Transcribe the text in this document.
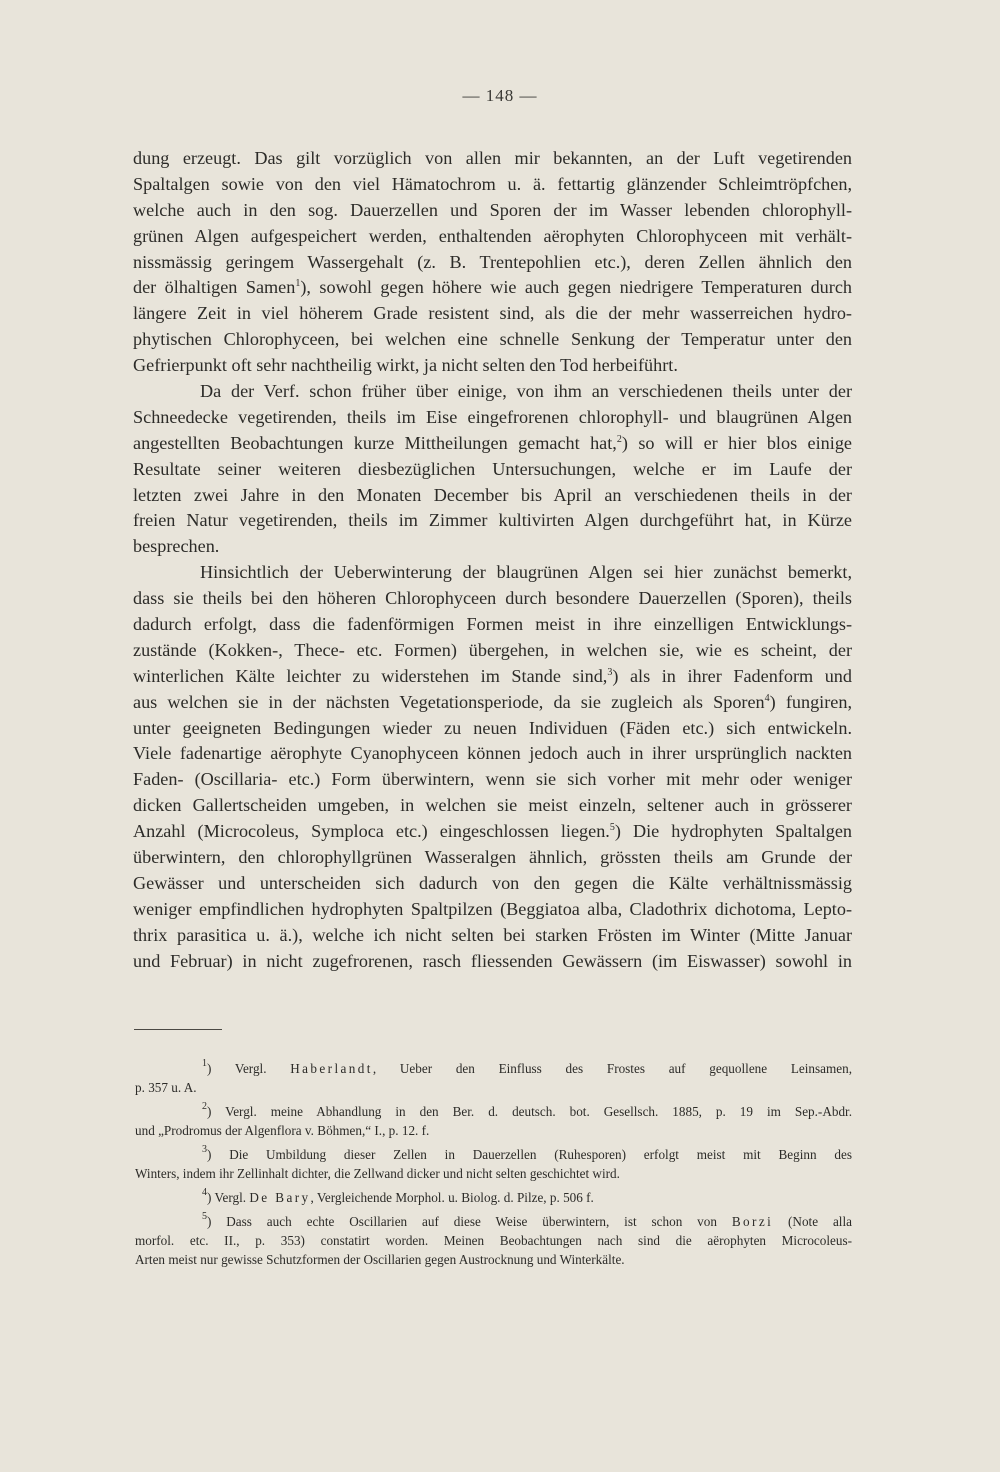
— 148 —
dung erzeugt. Das gilt vorzüglich von allen mir bekannten, an der Luft vegetirenden
Spaltalgen sowie von den viel Hämatochrom u. ä. fettartig glänzender Schleimtröpfchen,
welche auch in den sog. Dauerzellen und Sporen der im Wasser lebenden chlorophyll-
grünen Algen aufgespeichert werden, enthaltenden aërophyten Chlorophyceen mit verhält-
nissmässig geringem Wassergehalt (z. B. Trentepohlien etc.), deren Zellen ähnlich den
der ölhaltigen Samen$^1$), sowohl gegen höhere wie auch gegen niedrigere Temperaturen durch
längere Zeit in viel höherem Grade resistent sind, als die der mehr wasserreichen hydro-
phytischen Chlorophyceen, bei welchen eine schnelle Senkung der Temperatur unter den
Gefrierpunkt oft sehr nachtheilig wirkt, ja nicht selten den Tod herbeiführt.
Da der Verf. schon früher über einige, von ihm an verschiedenen theils unter der
Schneedecke vegetirenden, theils im Eise eingefrorenen chlorophyll- und blaugrünen Algen
angestellten Beobachtungen kurze Mittheilungen gemacht hat,$^2$) so will er hier blos einige
Resultate seiner weiteren diesbezüglichen Untersuchungen, welche er im Laufe der
letzten zwei Jahre in den Monaten December bis April an verschiedenen theils in der
freien Natur vegetirenden, theils im Zimmer kultivirten Algen durchgeführt hat, in Kürze
besprechen.
Hinsichtlich der Ueberwinterung der blaugrünen Algen sei hier zunächst bemerkt,
dass sie theils bei den höheren Chlorophyceen durch besondere Dauerzellen (Sporen), theils
dadurch erfolgt, dass die fadenförmigen Formen meist in ihre einzelligen Entwicklungs-
zustände (Kokken-, Thece- etc. Formen) übergehen, in welchen sie, wie es scheint, der
winterlichen Kälte leichter zu widerstehen im Stande sind,$^3$) als in ihrer Fadenform und
aus welchen sie in der nächsten Vegetationsperiode, da sie zugleich als Sporen$^4$) fungiren,
unter geeigneten Bedingungen wieder zu neuen Individuen (Fäden etc.) sich entwickeln.
Viele fadenartige aërophyte Cyanophyceen können jedoch auch in ihrer ursprünglich nackten
Faden- (Oscillaria- etc.) Form überwintern, wenn sie sich vorher mit mehr oder weniger
dicken Gallertscheiden umgeben, in welchen sie meist einzeln, seltener auch in grösserer
Anzahl (Microcoleus, Symploca etc.) eingeschlossen liegen.$^5$) Die hydrophyten Spaltalgen
überwintern, den chlorophyllgrünen Wasseralgen ähnlich, grössten theils am Grunde der
Gewässer und unterscheiden sich dadurch von den gegen die Kälte verhältnissmässig
weniger empfindlichen hydrophyten Spaltpilzen (Beggiatoa alba, Cladothrix dichotoma, Lepto-
thrix parasitica u. ä.), welche ich nicht selten bei starken Frösten im Winter (Mitte Januar
und Februar) in nicht zugefrorenen, rasch fliessenden Gewässern (im Eiswasser) sowohl in
$^1$) Vergl. Haberlandt, Ueber den Einfluss des Frostes auf gequollene Leinsamen,
p. 357 u. A.
$^2$) Vergl. meine Abhandlung in den Ber. d. deutsch. bot. Gesellsch. 1885, p. 19 im Sep.-Abdr.
und „Prodromus der Algenflora v. Böhmen,“ I., p. 12. f.
$^3$) Die Umbildung dieser Zellen in Dauerzellen (Ruhesporen) erfolgt meist mit Beginn des
Winters, indem ihr Zellinhalt dichter, die Zellwand dicker und nicht selten geschichtet wird.
$^4$) Vergl. De Bary, Vergleichende Morphol. u. Biolog. d. Pilze, p. 506 f.
$^5$) Dass auch echte Oscillarien auf diese Weise überwintern, ist schon von Borzi (Note alla
morfol. etc. II., p. 353) constatirt worden. Meinen Beobachtungen nach sind die aërophyten Microcoleus-
Arten meist nur gewisse Schutzformen der Oscillarien gegen Austrocknung und Winterkälte.
